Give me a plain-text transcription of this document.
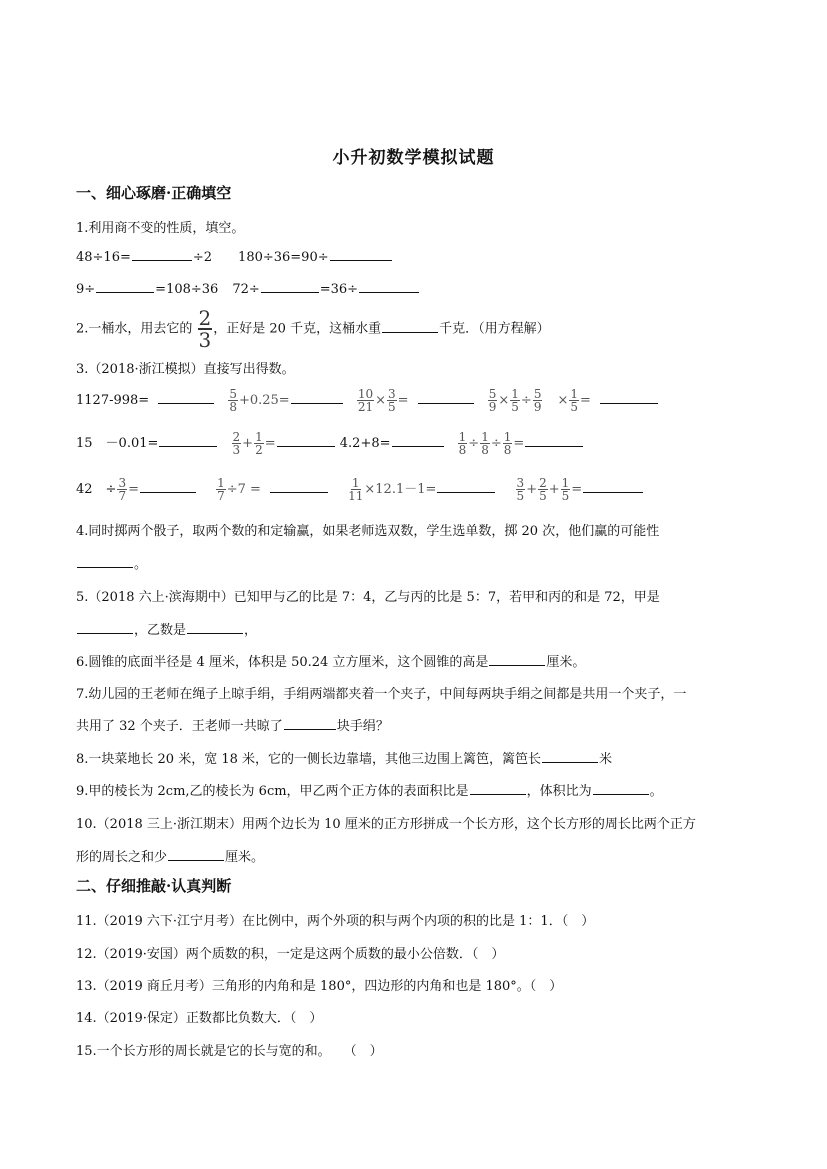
小升初数学模拟试题
一、细心琢磨·正确填空
1.利用商不变的性质，填空。
48÷16=	÷2 180÷36=90÷
9÷	=108÷36 72÷	=36÷
2.一桶水，用去它的 $\frac{2}{3}$ ，正好是 20 千克，这桶水重	千克．（用方程解）
3.（2018·浙江模拟）直接写出得数。
1127-998=	$\frac{5}{8} +0.25=$	$\frac{10}{21} \times \frac{3}{5}$ =	$\frac{5}{9} \times \frac{1}{5} \div \frac{5}{9} \times \frac{1}{5}$ =
15　－0.01=	$\frac{2}{3} + \frac{1}{2}$ =	4.2+8=	$\frac{1}{8} \div \frac{1}{8} \div \frac{1}{8}$ =
42　÷ $\frac{3}{7}$ =	$\frac{1}{7} \div 7$ =	$\frac{1}{11} \times 12.1-1=$	$\frac{3}{5} + \frac{2}{5} + \frac{1}{5}$ =
4.同时掷两个骰子，取两个数的和定输赢，如果老师选双数，学生选单数，掷 20 次，他们赢的可能性
。
5.（2018 六上·滨海期中）已知甲与乙的比是 7：4，乙与丙的比是 5：7，若甲和丙的和是 72，甲是
，乙数是	，
6.圆锥的底面半径是 4 厘米，体积是 50.24 立方厘米，这个圆锥的高是	厘米。
7.幼儿园的王老师在绳子上晾手绢，手绢两端都夹着一个夹子，中间每两块手绢之间都是共用一个夹子，一
共用了 32 个夹子．王老师一共晾了	块手绢？
8.一块菜地长 20 米，宽 18 米，它的一侧长边靠墙，其他三边围上篱笆，篱笆长	米
9.甲的棱长为 2cm,乙的棱长为 6cm，甲乙两个正方体的表面积比是	，体积比为	。
10.（2018 三上·浙江期末）用两个边长为 10 厘米的正方形拼成一个长方形，这个长方形的周长比两个正方
形的周长之和少	厘米。
二、仔细推敲·认真判断
11.（2019 六下·江宁月考）在比例中，两个外项的积与两个内项的积的比是 1：1．（　）
12.（2019·安国）两个质数的积，一定是这两个质数的最小公倍数．（　）
13.（2019 商丘月考）三角形的内角和是 180°，四边形的内角和也是 180°。（　）
14.（2019·保定）正数都比负数大．（　）
15.一个长方形的周长就是它的长与宽的和。　　（　）
